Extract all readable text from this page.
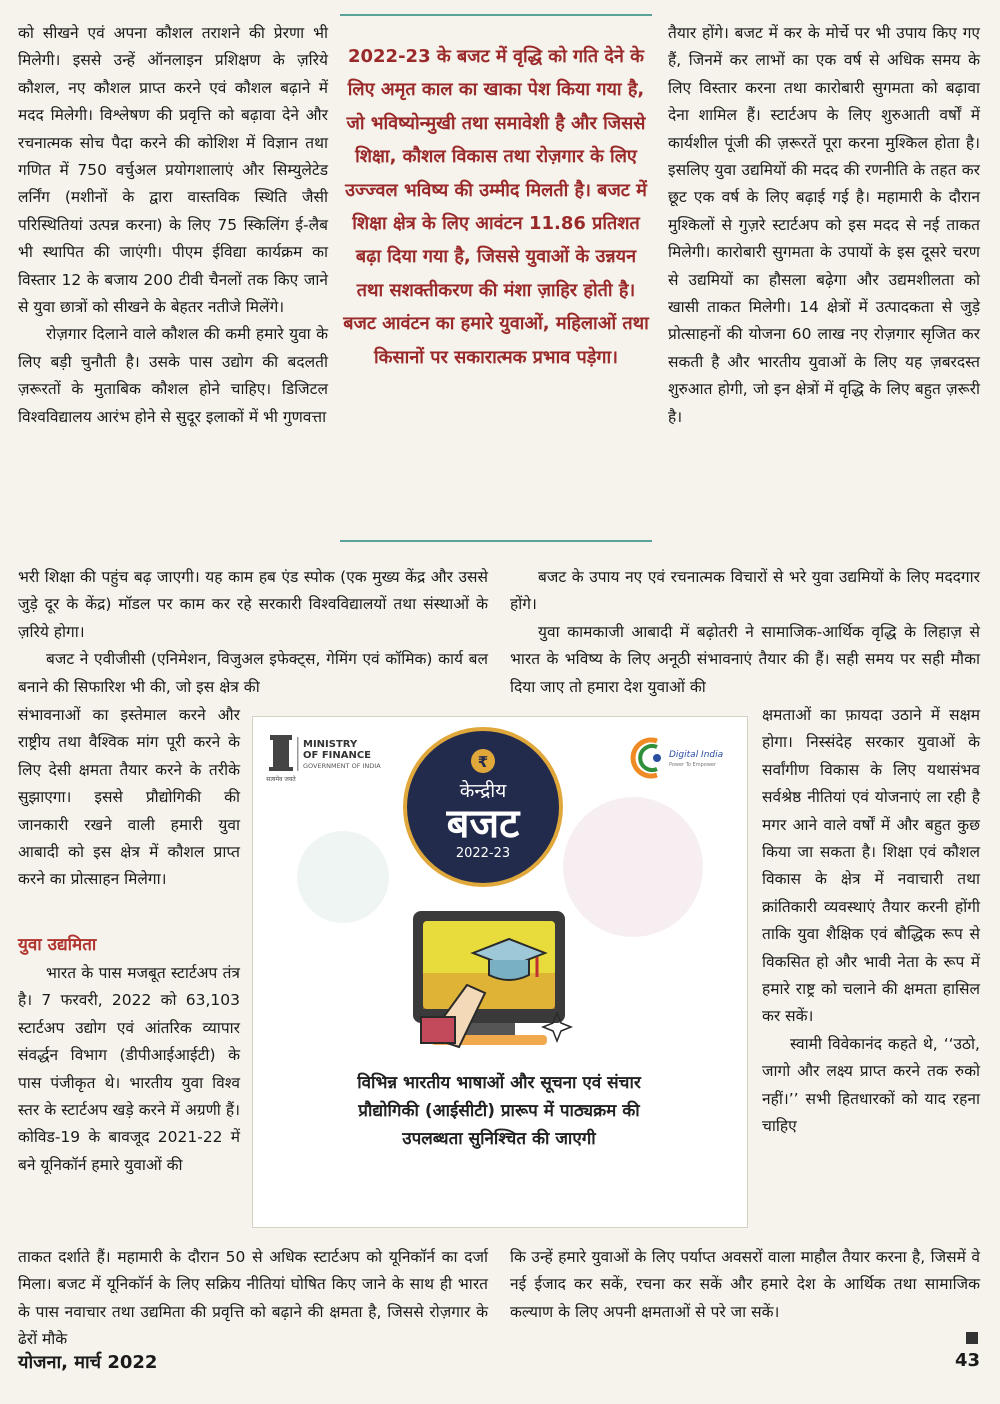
को सीखने एवं अपना कौशल तराशने की प्रेरणा भी मिलेगी। इससे उन्हें ऑनलाइन प्रशिक्षण के ज़रिये कौशल, नए कौशल प्राप्त करने एवं कौशल बढ़ाने में मदद मिलेगी। विश्लेषण की प्रवृत्ति को बढ़ावा देने और रचनात्मक सोच पैदा करने की कोशिश में विज्ञान तथा गणित में 750 वर्चुअल प्रयोगशालाएं और सिम्युलेटेड लर्निंग (मशीनों के द्वारा वास्तविक स्थिति जैसी परिस्थितियां उत्पन्न करना) के लिए 75 स्किलिंग ई-लैब भी स्थापित की जाएंगी। पीएम ईविद्या कार्यक्रम का विस्तार 12 के बजाय 200 टीवी चैनलों तक किए जाने से युवा छात्रों को सीखने के बेहतर नतीजे मिलेंगे।

रोज़गार दिलाने वाले कौशल की कमी हमारे युवा के लिए बड़ी चुनौती है। उसके पास उद्योग की बदलती ज़रूरतों के मुताबिक कौशल होने चाहिए। डिजिटल विश्वविद्यालय आरंभ होने से सुदूर इलाकों में भी गुणवत्ता

2022-23 के बजट में वृद्धि को गति देने के लिए अमृत काल का खाका पेश किया गया है, जो भविष्योन्मुखी तथा समावेशी है और जिससे शिक्षा, कौशल विकास तथा रोज़गार के लिए उज्ज्वल भविष्य की उम्मीद मिलती है। बजट में शिक्षा क्षेत्र के लिए आवंटन 11.86 प्रतिशत बढ़ा दिया गया है, जिससे युवाओं के उन्नयन तथा सशक्तीकरण की मंशा ज़ाहिर होती है। बजट आवंटन का हमारे युवाओं, महिलाओं तथा किसानों पर सकारात्मक प्रभाव पड़ेगा।

तैयार होंगे। बजट में कर के मोर्चे पर भी उपाय किए गए हैं, जिनमें कर लाभों का एक वर्ष से अधिक समय के लिए विस्तार करना तथा कारोबारी सुगमता को बढ़ावा देना शामिल हैं। स्टार्टअप के लिए शुरुआती वर्षों में कार्यशील पूंजी की ज़रूरतें पूरा करना मुश्किल होता है। इसलिए युवा उद्यमियों की मदद की रणनीति के तहत कर छूट एक वर्ष के लिए बढ़ाई गई है। महामारी के दौरान मुश्किलों से गुज़रे स्टार्टअप को इस मदद से नई ताकत मिलेगी। कारोबारी सुगमता के उपायों के इस दूसरे चरण से उद्यमियों का हौसला बढ़ेगा और उद्यमशीलता को खासी ताकत मिलेगी। 14 क्षेत्रों में उत्पादकता से जुड़े प्रोत्साहनों की योजना 60 लाख नए रोज़गार सृजित कर सकती है और भारतीय युवाओं के लिए यह ज़बरदस्त शुरुआत होगी, जो इन क्षेत्रों में वृद्धि के लिए बहुत ज़रूरी है।

भरी शिक्षा की पहुंच बढ़ जाएगी। यह काम हब एंड स्पोक (एक मुख्य केंद्र और उससे जुड़े दूर के केंद्र) मॉडल पर काम कर रहे सरकारी विश्वविद्यालयों तथा संस्थाओं के ज़रिये होगा।

बजट ने एवीजीसी (एनिमेशन, विजुअल इफेक्ट्स, गेमिंग एवं कॉमिक) कार्य बल बनाने की सिफारिश भी की, जो इस क्षेत्र की

बजट के उपाय नए एवं रचनात्मक विचारों से भरे युवा उद्यमियों के लिए मददगार होंगे।

युवा कामकाजी आबादी में बढ़ोतरी ने सामाजिक-आर्थिक वृद्धि के लिहाज़ से भारत के भविष्य के लिए अनूठी संभावनाएं तैयार की हैं। सही समय पर सही मौका दिया जाए तो हमारा देश युवाओं की

संभावनाओं का इस्तेमाल करने और राष्ट्रीय तथा वैश्विक मांग पूरी करने के लिए देसी क्षमता तैयार करने के तरीके सुझाएगा। इससे प्रौद्योगिकी की जानकारी रखने वाली हमारी युवा आबादी को इस क्षेत्र में कौशल प्राप्त करने का प्रोत्साहन मिलेगा।

युवा उद्यमिता

भारत के पास मजबूत स्टार्टअप तंत्र है। 7 फरवरी, 2022 को 63,103 स्टार्टअप उद्योग एवं आंतरिक व्यापार संवर्द्धन विभाग (डीपीआईआईटी) के पास पंजीकृत थे। भारतीय युवा विश्व स्तर के स्टार्टअप खड़े करने में अग्रणी हैं। कोविड-19 के बावजूद 2021-22 में बने यूनिकॉर्न हमारे युवाओं की

क्षमताओं का फ़ायदा उठाने में सक्षम होगा। निस्संदेह सरकार युवाओं के सर्वांगीण विकास के लिए यथासंभव सर्वश्रेष्ठ नीतियां एवं योजनाएं ला रही है मगर आने वाले वर्षों में और बहुत कुछ किया जा सकता है। शिक्षा एवं कौशल विकास के क्षेत्र में नवाचारी तथा क्रांतिकारी व्यवस्थाएं तैयार करनी होंगी ताकि युवा शैक्षिक एवं बौद्धिक रूप से विकसित हो और भावी नेता के रूप में हमारे राष्ट्र को चलाने की क्षमता हासिल कर सकें।

स्वामी विवेकानंद कहते थे, ‘‘उठो, जागो और लक्ष्य प्राप्त करने तक रुको नहीं।’’ सभी हितधारकों को याद रहना चाहिए

ताकत दर्शाते हैं। महामारी के दौरान 50 से अधिक स्टार्टअप को यूनिकॉर्न का दर्जा मिला। बजट में यूनिकॉर्न के लिए सक्रिय नीतियां घोषित किए जाने के साथ ही भारत के पास नवाचार तथा उद्यमिता की प्रवृत्ति को बढ़ाने की क्षमता है, जिससे रोज़गार के ढेरों मौके

कि उन्हें हमारे युवाओं के लिए पर्याप्त अवसरों वाला माहौल तैयार करना है, जिसमें वे नई ईजाद कर सकें, रचना कर सकें और हमारे देश के आर्थिक तथा सामाजिक कल्याण के लिए अपनी क्षमताओं से परे जा सकें।

सत्यमेव जयते
MINISTRY
OF FINANCE
GOVERNMENT OF INDIA
Digital India
Power To Empower
₹
केन्द्रीय
बजट
2022-23
विभिन्न भारतीय भाषाओं और सूचना एवं संचार प्रौद्योगिकी (आईसीटी) प्रारूप में पाठ्यक्रम की उपलब्धता सुनिश्चित की जाएगी
योजना, मार्च 2022	43
